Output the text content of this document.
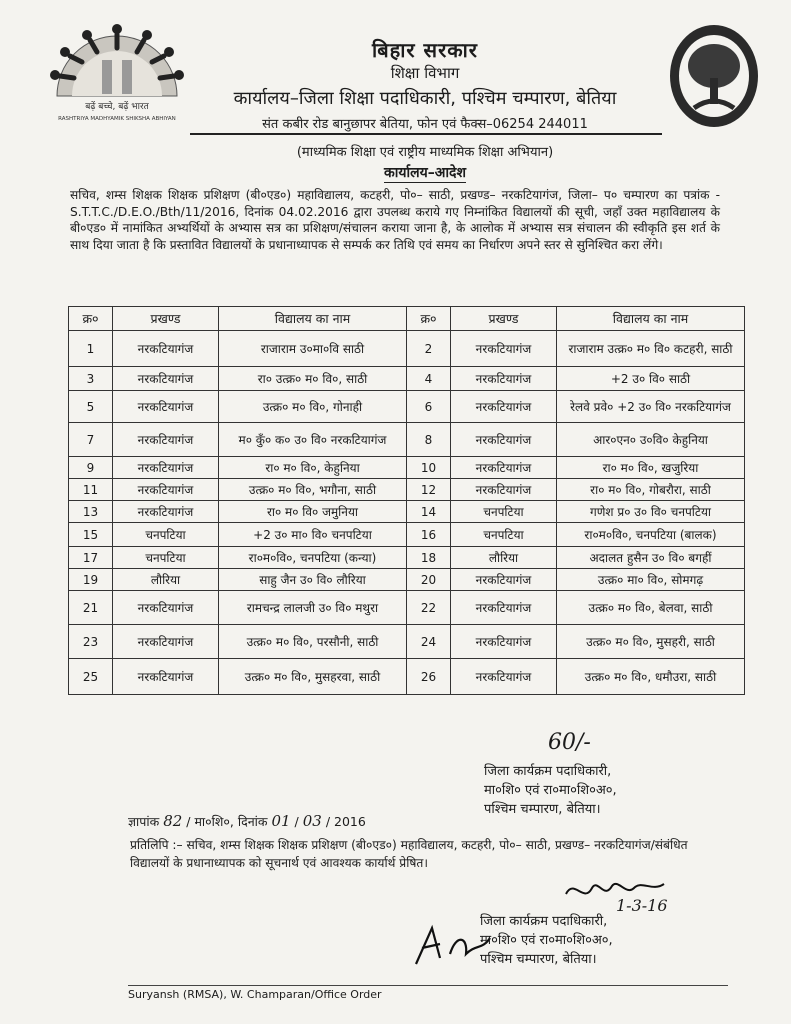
बढ़ें बच्चे, बढ़ें भारत
RASHTRIYA MADHYAMIK SHIKSHA ABHIYAN
बिहार सरकार
शिक्षा विभाग
कार्यालय–जिला शिक्षा पदाधिकारी, पश्चिम चम्पारण, बेतिया
संत कबीर रोड बानुछापर बेतिया, फोन एवं फैक्स–06254 244011
(माध्यमिक शिक्षा एवं राष्ट्रीय माध्यमिक शिक्षा अभियान)
कार्यालय–आदेश
सचिव, शम्स शिक्षक शिक्षक प्रशिक्षण (बी०एड०) महाविद्यालय, कटहरी, पो०– साठी, प्रखण्ड– नरकटियागंज, जिला– प० चम्पारण का पत्रांक - S.T.T.C./D.E.O./Bth/11/2016, दिनांक 04.02.2016 द्वारा उपलब्ध कराये गए निम्नांकित विद्यालयों की सूची, जहाँ उक्त महाविद्यालय के बी०एड० में नामांकित अभ्यर्थियों के अभ्यास सत्र का प्रशिक्षण/संचालन कराया जाना है, के आलोक में अभ्यास सत्र संचालन की स्वीकृति इस शर्त के साथ दिया जाता है कि प्रस्तावित विद्यालयों के प्रधानाध्यापक से सम्पर्क कर तिथि एवं समय का निर्धारण अपने स्तर से सुनिश्चित करा लेंगे।
क्र०	प्रखण्ड	विद्यालय का नाम	क्र०	प्रखण्ड	विद्यालय का नाम
1	नरकटियागंज	राजाराम उ०मा०वि साठी	2	नरकटियागंज	राजाराम उत्क्र० म० वि० कटहरी, साठी
3	नरकटियागंज	रा० उत्क्र० म० वि०, साठी	4	नरकटियागंज	+2 उ० वि० साठी
5	नरकटियागंज	उत्क्र० म० वि०, गोनाही	6	नरकटियागंज	रेलवे प्रवे० +2 उ० वि० नरकटियागंज
7	नरकटियागंज	म० कुँ० क० उ० वि० नरकटियागंज	8	नरकटियागंज	आर०एन० उ०वि० केहुनिया
9	नरकटियागंज	रा० म० वि०, केहुनिया	10	नरकटियागंज	रा० म० वि०, खजुरिया
11	नरकटियागंज	उत्क्र० म० वि०, भगौना, साठी	12	नरकटियागंज	रा० म० वि०, गोबरौरा, साठी
13	नरकटियागंज	रा० म० वि० जमुनिया	14	चनपटिया	गणेश प्र० उ० वि० चनपटिया
15	चनपटिया	+2 उ० मा० वि० चनपटिया	16	चनपटिया	रा०म०वि०, चनपटिया (बालक)
17	चनपटिया	रा०म०वि०, चनपटिया (कन्या)	18	लौरिया	अदालत हुसैन उ० वि० बगहीं
19	लौरिया	साहु जैन उ० वि० लौरिया	20	नरकटियागंज	उत्क्र० मा० वि०, सोमगढ़
21	नरकटियागंज	रामचन्द्र लालजी उ० वि० मथुरा	22	नरकटियागंज	उत्क्र० म० वि०, बेलवा, साठी
23	नरकटियागंज	उत्क्र० म० वि०, परसौनी, साठी	24	नरकटियागंज	उत्क्र० म० वि०, मुसहरी, साठी
25	नरकटियागंज	उत्क्र० म० वि०, मुसहरवा, साठी	26	नरकटियागंज	उत्क्र० म० वि०, धमौउरा, साठी
60/-
जिला कार्यक्रम पदाधिकारी,
मा०शि० एवं रा०मा०शि०अ०,
पश्चिम चम्पारण, बेतिया।
ज्ञापांक 82 / मा०शि०, दिनांक 01 / 03 / 2016
प्रतिलिपि :– सचिव, शम्स शिक्षक शिक्षक प्रशिक्षण (बी०एड०) महाविद्यालय, कटहरी, पो०– साठी, प्रखण्ड– नरकटियागंज/संबंधित विद्यालयों के प्रधानाध्यापक को सूचनार्थ एवं आवश्यक कार्यार्थ प्रेषित।
1-3-16
जिला कार्यक्रम पदाधिकारी,
मा०शि० एवं रा०मा०शि०अ०,
पश्चिम चम्पारण, बेतिया।
Suryansh (RMSA), W. Champaran/Office Order
